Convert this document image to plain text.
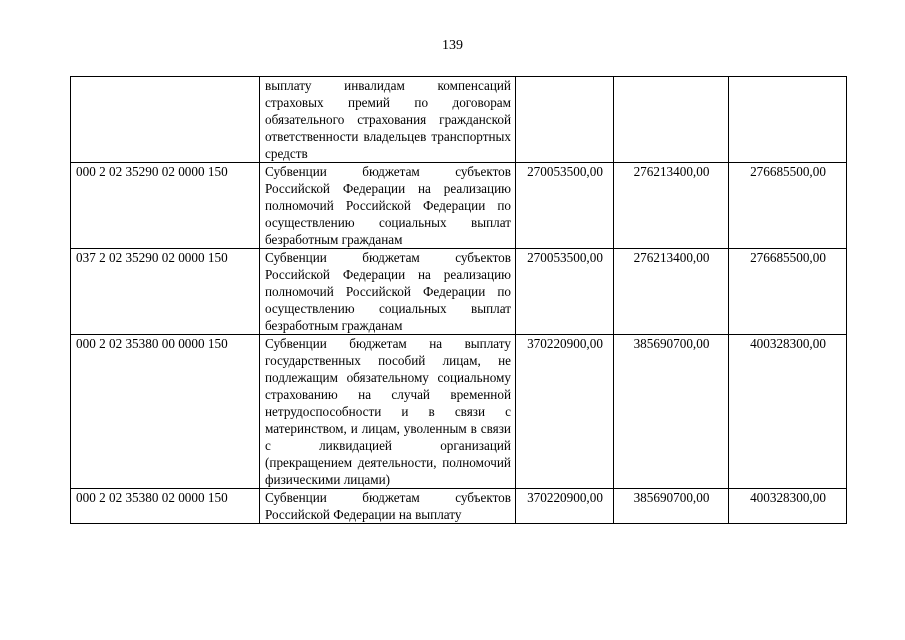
139
	выплату инвалидам компенсаций страховых премий по договорам обязательного страхования гражданской ответственности владельцев транспортных средств			
000 2 02 35290 02 0000 150	Субвенции бюджетам субъектов Российской Федерации на реализацию полномочий Российской Федерации по осуществлению социальных выплат безработным гражданам	270053500,00	276213400,00	276685500,00
037 2 02 35290 02 0000 150	Субвенции бюджетам субъектов Российской Федерации на реализацию полномочий Российской Федерации по осуществлению социальных выплат безработным гражданам	270053500,00	276213400,00	276685500,00
000 2 02 35380 00 0000 150	Субвенции бюджетам на выплату государственных пособий лицам, не подлежащим обязательному социальному страхованию на случай временной нетрудоспособности и в связи с материнством, и лицам, уволенным в связи с ликвидацией организаций (прекращением деятельности, полномочий физическими лицами)	370220900,00	385690700,00	400328300,00
000 2 02 35380 02 0000 150	Субвенции бюджетам субъектов Российской Федерации на выплату	370220900,00	385690700,00	400328300,00
